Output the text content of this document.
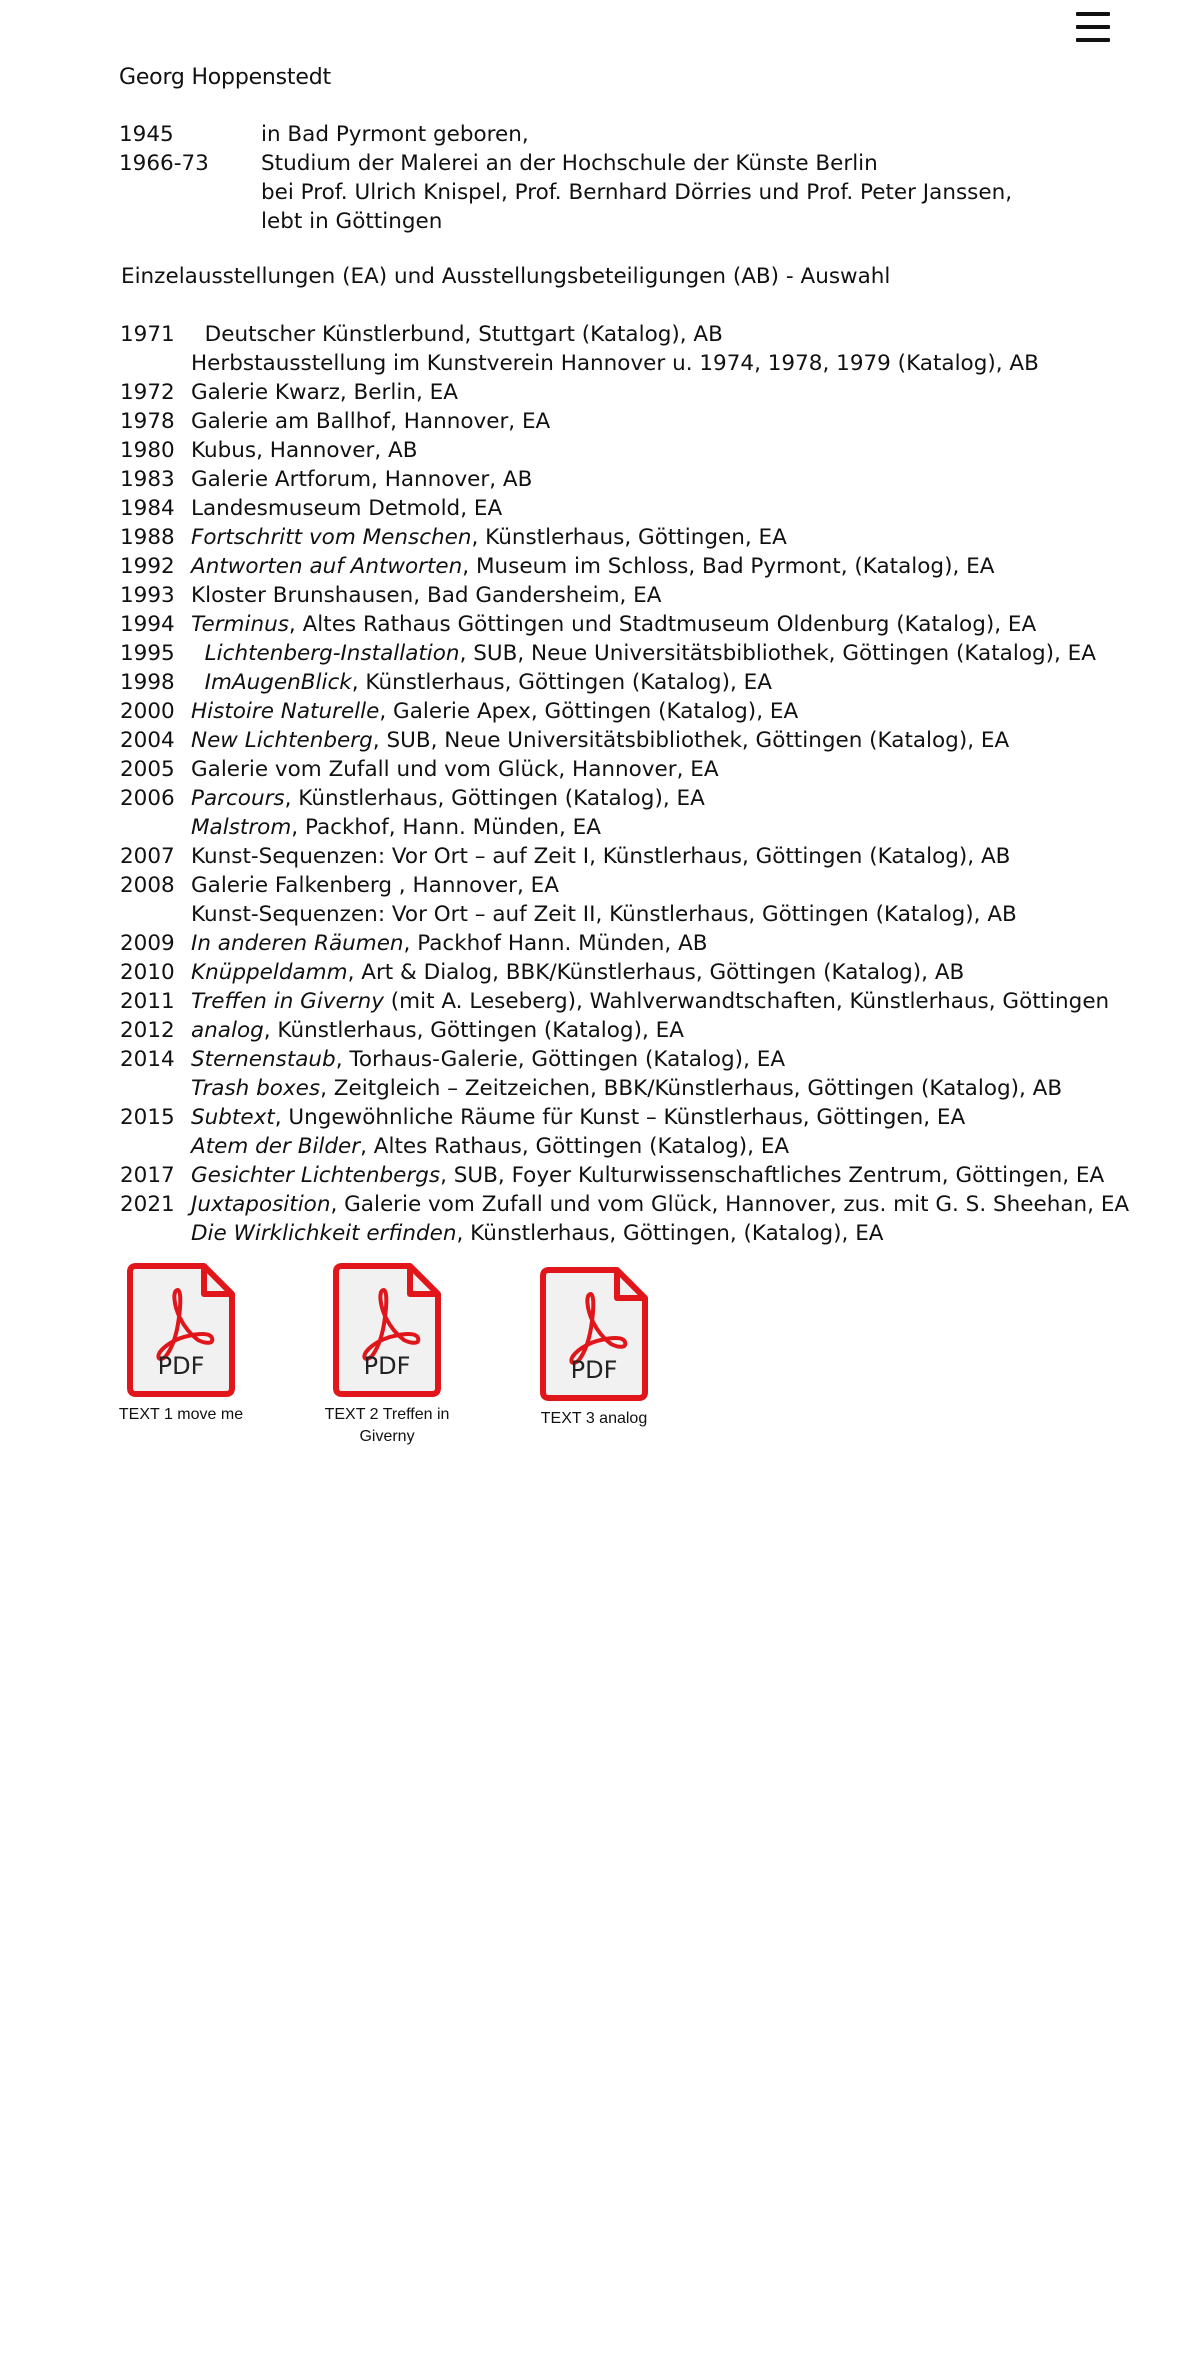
Georg Hoppenstedt
1945	in Bad Pyrmont geboren,
1966-73	Studium der Malerei an der Hochschule der Künste Berlin
bei Prof. Ulrich Knispel, Prof. Bernhard Dörries und Prof. Peter Janssen,
lebt in Göttingen
Einzelausstellungen (EA) und Ausstellungsbeteiligungen (AB) - Auswahl
1971 Deutscher Künstlerbund, Stuttgart (Katalog), AB
Herbstausstellung im Kunstverein Hannover u. 1974, 1978, 1979 (Katalog), AB
1972 Galerie Kwarz, Berlin, EA
1978 Galerie am Ballhof, Hannover, EA
1980 Kubus, Hannover, AB
1983 Galerie Artforum, Hannover, AB
1984 Landesmuseum Detmold, EA
1988 Fortschritt vom Menschen, Künstlerhaus, Göttingen, EA
1992 Antworten auf Antworten, Museum im Schloss, Bad Pyrmont, (Katalog), EA
1993 Kloster Brunshausen, Bad Gandersheim, EA
1994 Terminus, Altes Rathaus Göttingen und Stadtmuseum Oldenburg (Katalog), EA
1995 Lichtenberg-Installation, SUB, Neue Universitätsbibliothek, Göttingen (Katalog), EA
1998 ImAugenBlick, Künstlerhaus, Göttingen (Katalog), EA
2000 Histoire Naturelle, Galerie Apex, Göttingen (Katalog), EA
2004 New Lichtenberg, SUB, Neue Universitätsbibliothek, Göttingen (Katalog), EA
2005 Galerie vom Zufall und vom Glück, Hannover, EA
2006 Parcours, Künstlerhaus, Göttingen (Katalog), EA
Malstrom, Packhof, Hann. Münden, EA
2007 Kunst-Sequenzen: Vor Ort – auf Zeit I, Künstlerhaus, Göttingen (Katalog), AB
2008 Galerie Falkenberg , Hannover, EA
Kunst-Sequenzen: Vor Ort – auf Zeit II, Künstlerhaus, Göttingen (Katalog), AB
2009 In anderen Räumen, Packhof Hann. Münden, AB
2010 Knüppeldamm, Art & Dialog, BBK/Künstlerhaus, Göttingen (Katalog), AB
2011 Treffen in Giverny (mit A. Leseberg), Wahlverwandtschaften, Künstlerhaus, Göttingen
2012 analog, Künstlerhaus, Göttingen (Katalog), EA
2014 Sternenstaub, Torhaus-Galerie, Göttingen (Katalog), EA
Trash boxes, Zeitgleich – Zeitzeichen, BBK/Künstlerhaus, Göttingen (Katalog), AB
2015 Subtext, Ungewöhnliche Räume für Kunst – Künstlerhaus, Göttingen, EA
Atem der Bilder, Altes Rathaus, Göttingen (Katalog), EA
2017 Gesichter Lichtenbergs, SUB, Foyer Kulturwissenschaftliches Zentrum, Göttingen, EA
2021 Juxtaposition, Galerie vom Zufall und vom Glück, Hannover, zus. mit G. S. Sheehan, EA
Die Wirklichkeit erfinden, Künstlerhaus, Göttingen, (Katalog), EA
PDF
TEXT 1 move me
PDF
TEXT 2 Treffen in Giverny
PDF
TEXT 3 analog
